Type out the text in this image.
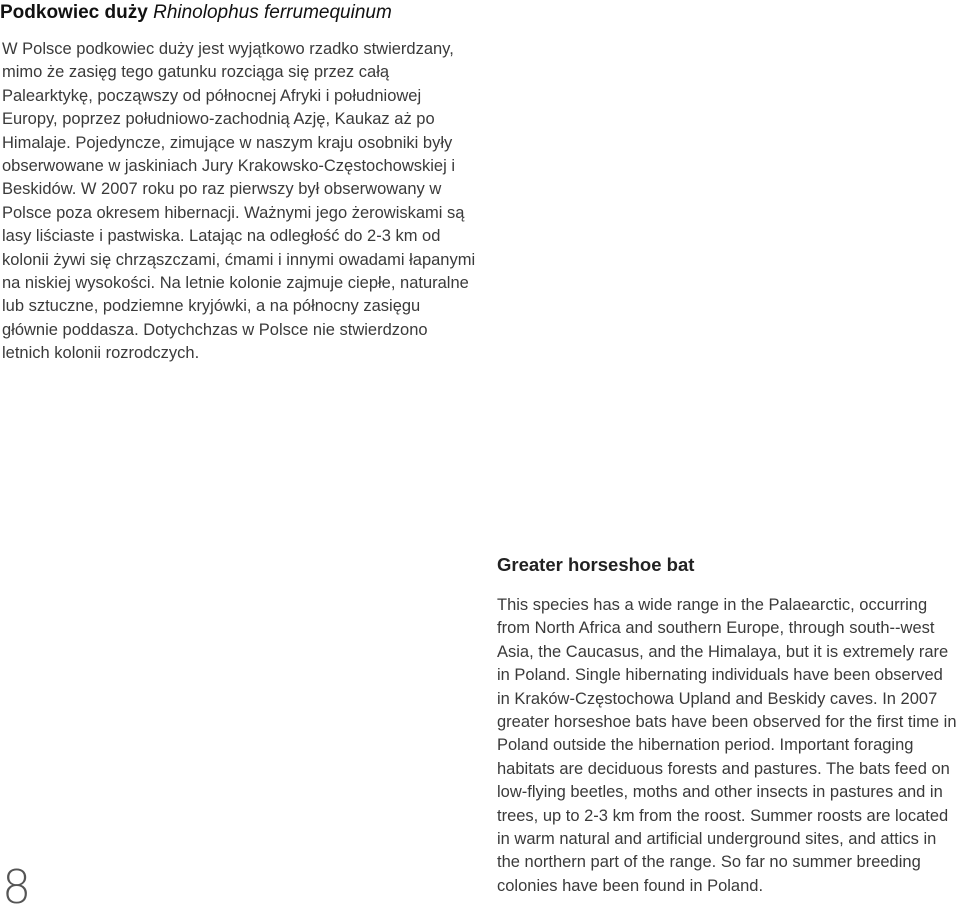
Podkowiec duży Rhinolophus ferrumequinum

W Polsce podkowiec duży jest wyjątkowo rzadko stwierdzany, mimo że zasięg tego gatunku rozciąga się przez całą Palearktykę, począwszy od północnej Afryki i południowej Europy, poprzez południowo-zachodnią Azję, Kaukaz aż po Himalaje. Pojedyncze, zimujące w naszym kraju osobniki były obserwowane w jaskiniach Jury Krakowsko-Częstochowskiej i Beskidów. W 2007 roku po raz pierwszy był obserwowany w Polsce poza okresem hibernacji. Ważnymi jego żerowiskami są lasy liściaste i pastwiska. Latając na odległość do 2-3 km od kolonii żywi się chrząszczami, ćmami i innymi owadami łapanymi na niskiej wysokości. Na letnie kolonie zajmuje ciepłe, naturalne lub sztuczne, podziemne kryjówki, a na północny zasięgu głównie poddasza. Dotychchzas w Polsce nie stwierdzono letnich kolonii rozrodczych.

Greater horseshoe bat

This species has a wide range in the Palaearctic, occurring from North Africa and southern Europe, through south--west Asia, the Caucasus, and the Himalaya, but it is extremely rare in Poland. Single hibernating individuals have been observed in Kraków-Częstochowa Upland and Beskidy caves. In 2007 greater horseshoe bats have been observed for the first time in Poland outside the hibernation period. Important foraging habitats are deciduous forests and pastures. The bats feed on low-flying beetles, moths and other insects in pastures and in trees, up to 2-3 km from the roost. Summer roosts are located in warm natural and artificial underground sites, and attics in the northern part of the range. So far no summer breeding colonies have been found in Poland.

8
